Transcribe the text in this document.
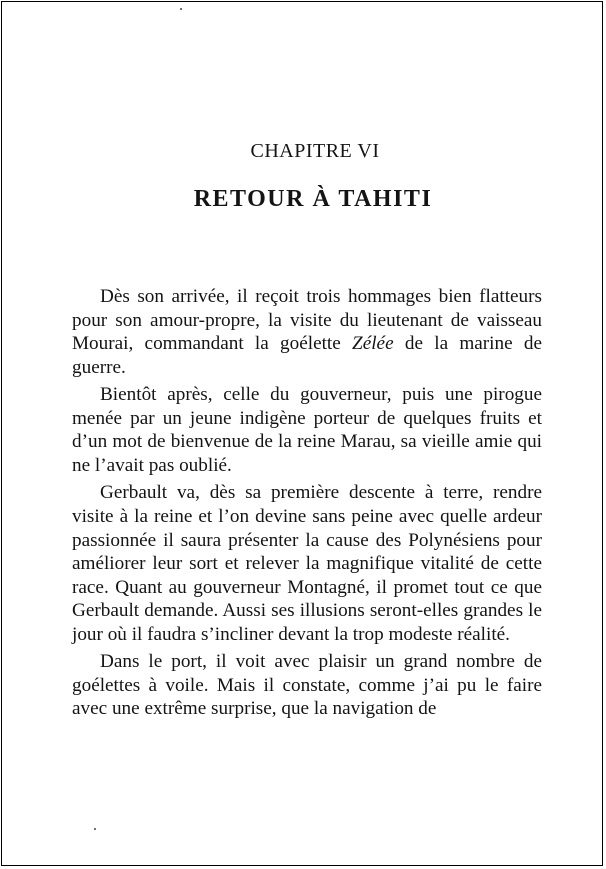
CHAPITRE VI
RETOUR À TAHITI

Dès son arrivée, il reçoit trois hommages bien flatteurs pour son amour-propre, la visite du lieutenant de vaisseau Mourai, commandant la goélette Zélée de la marine de guerre.

Bientôt après, celle du gouverneur, puis une pirogue menée par un jeune indigène porteur de quelques fruits et d’un mot de bienvenue de la reine Marau, sa vieille amie qui ne l’avait pas oublié.

Gerbault va, dès sa première descente à terre, rendre visite à la reine et l’on devine sans peine avec quelle ardeur passionnée il saura présenter la cause des Polynésiens pour améliorer leur sort et relever la magnifique vitalité de cette race. Quant au gouverneur Montagné, il promet tout ce que Gerbault demande. Aussi ses illusions seront-elles grandes le jour où il faudra s’incliner devant la trop modeste réalité.

Dans le port, il voit avec plaisir un grand nombre de goélettes à voile. Mais il constate, comme j’ai pu le faire avec une extrême surprise, que la navigation de
